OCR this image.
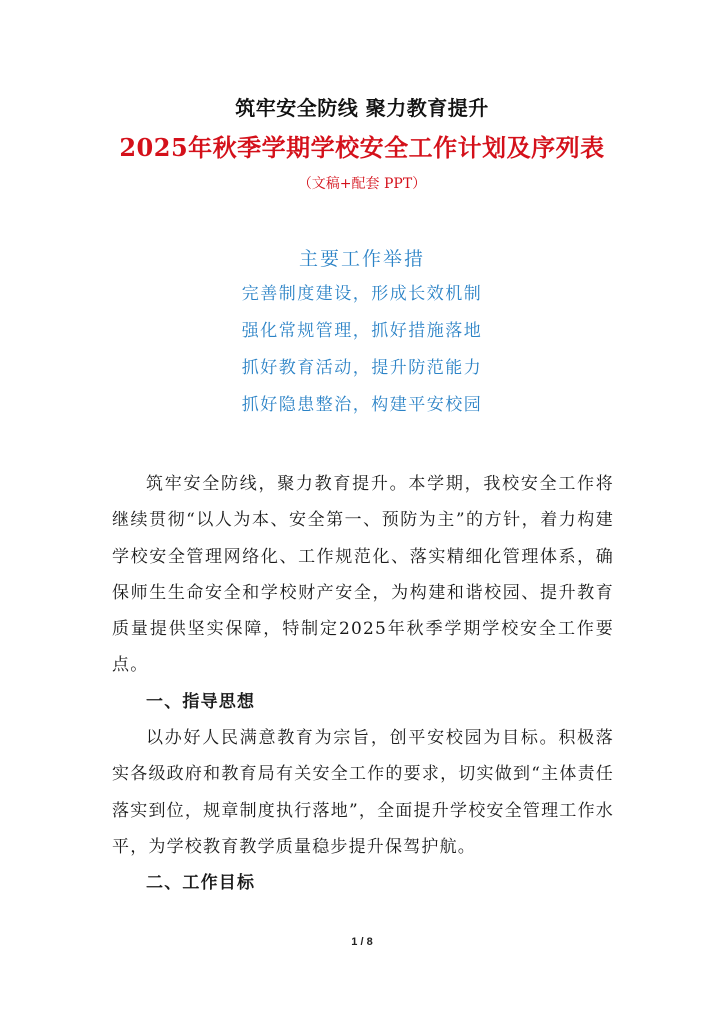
筑牢安全防线 聚力教育提升
2025年秋季学期学校安全工作计划及序列表
（文稿+配套 PPT）
主要工作举措
完善制度建设，形成长效机制
强化常规管理，抓好措施落地
抓好教育活动，提升防范能力
抓好隐患整治，构建平安校园

筑牢安全防线，聚力教育提升。本学期，我校安全工作将继续贯彻“以人为本、安全第一、预防为主”的方针，着力构建学校安全管理网络化、工作规范化、落实精细化管理体系，确保师生生命安全和学校财产安全，为构建和谐校园、提升教育质量提供坚实保障，特制定2025年秋季学期学校安全工作要点。

一、指导思想

以办好人民满意教育为宗旨，创平安校园为目标。积极落实各级政府和教育局有关安全工作的要求，切实做到“主体责任落实到位，规章制度执行落地”，全面提升学校安全管理工作水平，为学校教育教学质量稳步提升保驾护航。

二、工作目标

1 / 8
